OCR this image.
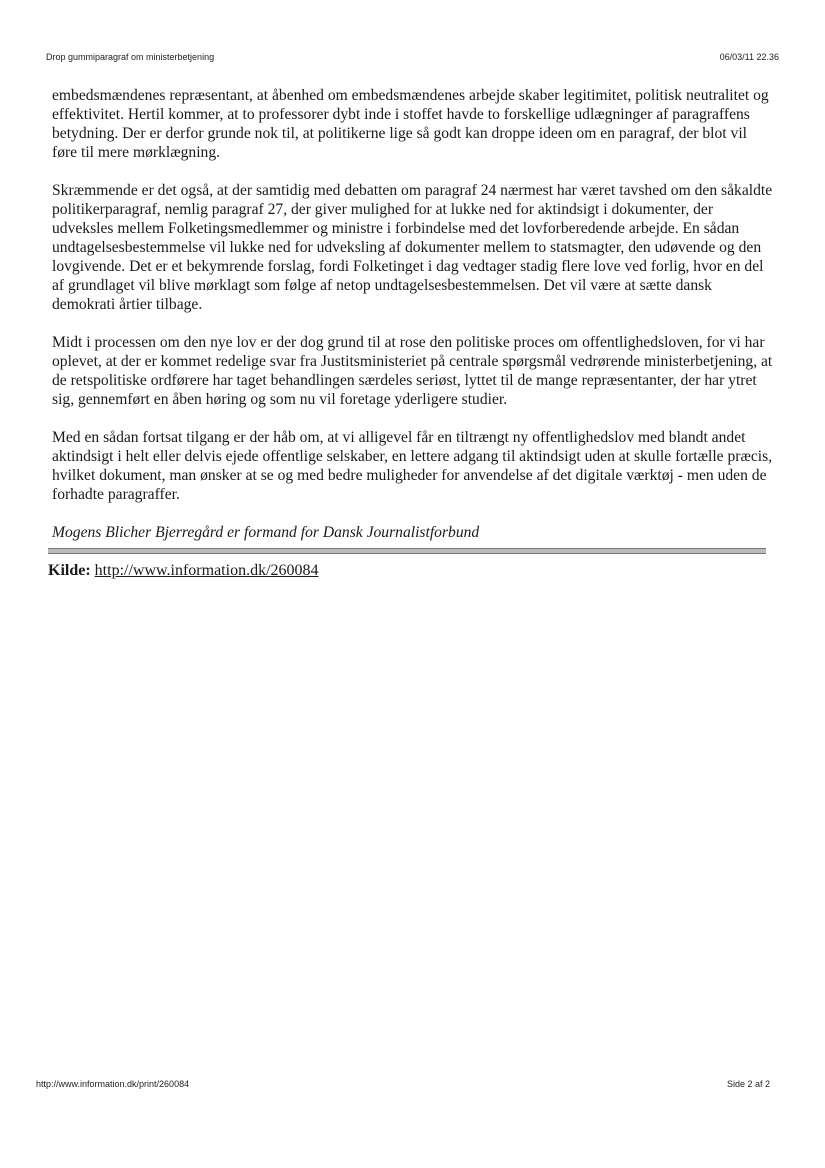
Drop gummiparagraf om ministerbetjening	06/03/11 22.36

embedsmændenes repræsentant, at åbenhed om embedsmændenes arbejde skaber legitimitet, politisk neutralitet og effektivitet. Hertil kommer, at to professorer dybt inde i stoffet havde to forskellige udlægninger af paragraffens betydning. Der er derfor grunde nok til, at politikerne lige så godt kan droppe ideen om en paragraf, der blot vil føre til mere mørklægning.

Skræmmende er det også, at der samtidig med debatten om paragraf 24 nærmest har været tavshed om den såkaldte politikerparagraf, nemlig paragraf 27, der giver mulighed for at lukke ned for aktindsigt i dokumenter, der udveksles mellem Folketingsmedlemmer og ministre i forbindelse med det lovforberedende arbejde. En sådan undtagelsesbestemmelse vil lukke ned for udveksling af dokumenter mellem to statsmagter, den udøvende og den lovgivende. Det er et bekymrende forslag, fordi Folketinget i dag vedtager stadig flere love ved forlig, hvor en del af grundlaget vil blive mørklagt som følge af netop undtagelsesbestemmelsen. Det vil være at sætte dansk demokrati årtier tilbage.

Midt i processen om den nye lov er der dog grund til at rose den politiske proces om offentlighedsloven, for vi har oplevet, at der er kommet redelige svar fra Justitsministeriet på centrale spørgsmål vedrørende ministerbetjening, at de retspolitiske ordførere har taget behandlingen særdeles seriøst, lyttet til de mange repræsentanter, der har ytret sig, gennemført en åben høring og som nu vil foretage yderligere studier.

Med en sådan fortsat tilgang er der håb om, at vi alligevel får en tiltrængt ny offentlighedslov med blandt andet aktindsigt i helt eller delvis ejede offentlige selskaber, en lettere adgang til aktindsigt uden at skulle fortælle præcis, hvilket dokument, man ønsker at se og med bedre muligheder for anvendelse af det digitale værktøj - men uden de forhadte paragraffer.

Mogens Blicher Bjerregård er formand for Dansk Journalistforbund

Kilde: http://www.information.dk/260084
http://www.information.dk/print/260084	Side 2 af 2
